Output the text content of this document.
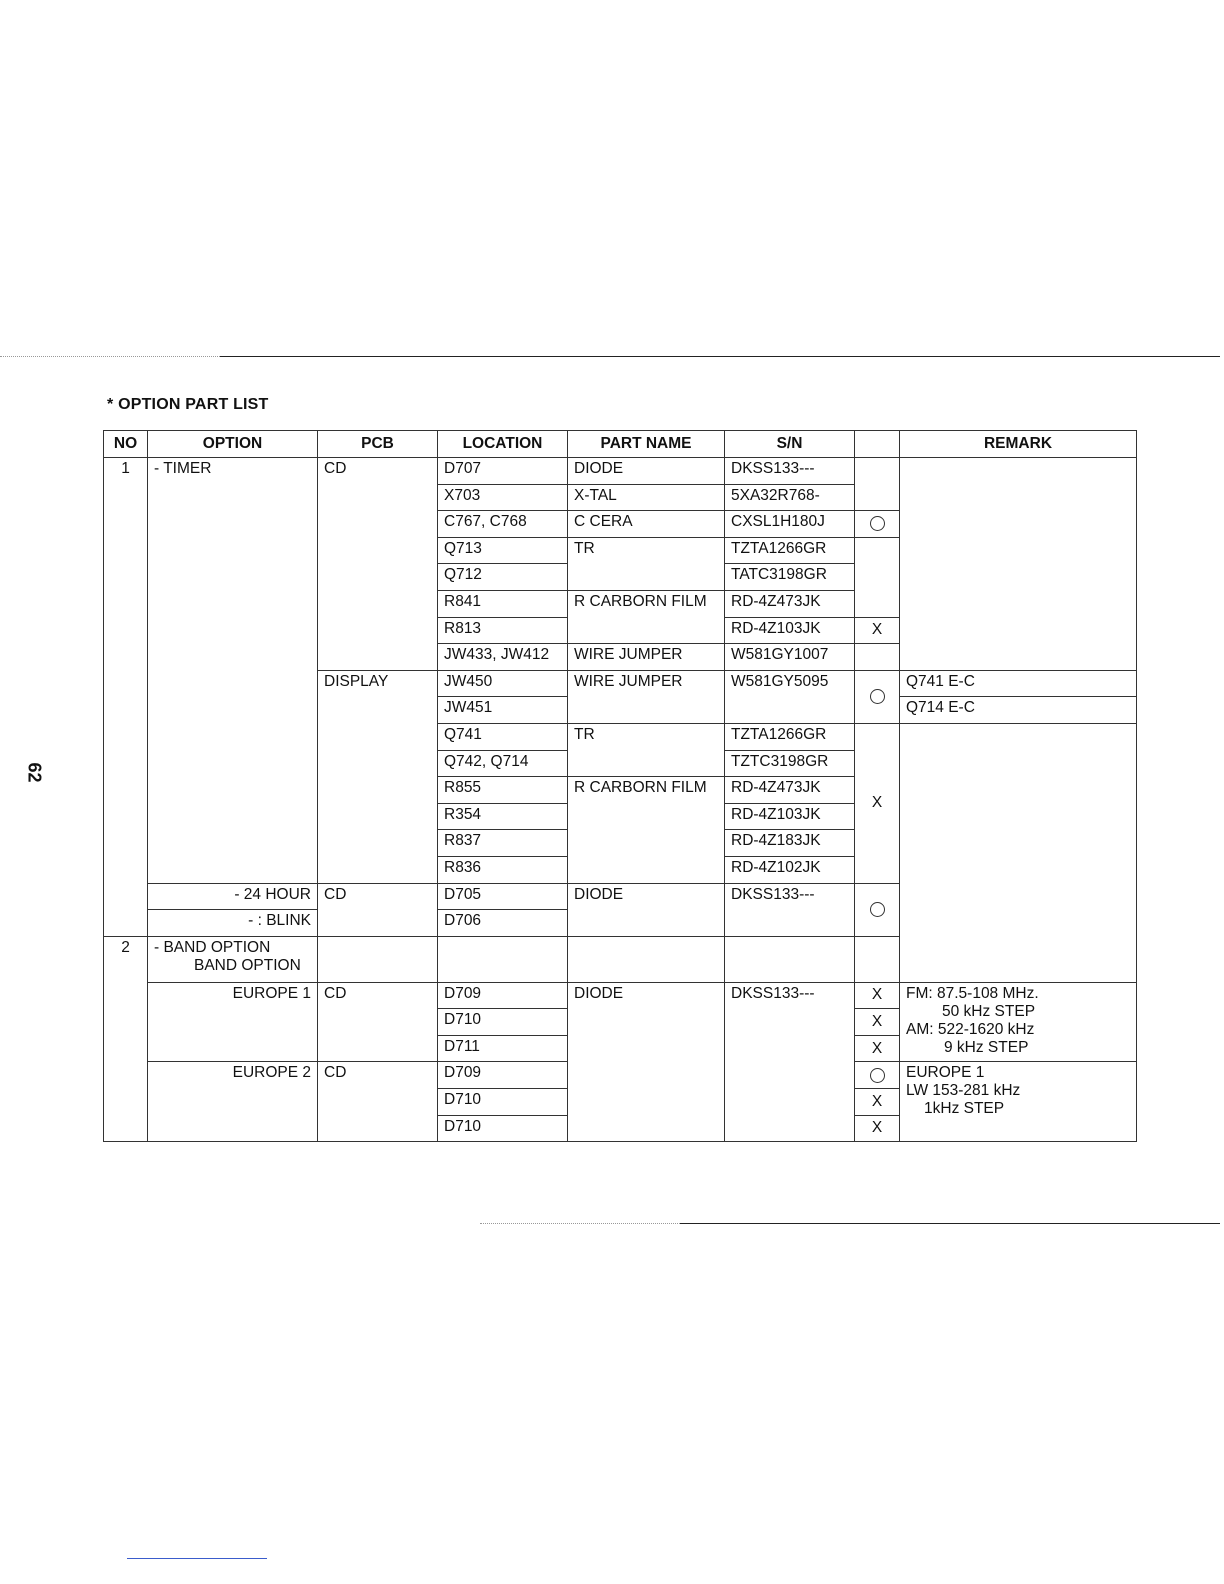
62
* OPTION PART LIST
NO	OPTION	PCB	LOCATION	PART NAME	S/N		REMARK
1	- TIMER	CD	D707	DIODE	DKSS133---		
			X703	X-TAL	5XA32R768-		
			C767, C768	C CERA	CXSL1H180J		
			Q713	TR	TZTA1266GR		
			Q712		TATC3198GR		
			R841	R CARBORN FILM	RD-4Z473JK		
			R813		RD-4Z103JK	X	
			JW433, JW412	WIRE JUMPER	W581GY1007		
		DISPLAY	JW450	WIRE JUMPER	W581GY5095		Q741 E-C
			JW451				Q714 E-C
			Q741	TR	TZTA1266GR	X	
			Q742, Q714		TZTC3198GR		
			R855	R CARBORN FILM	RD-4Z473JK		
			R354		RD-4Z103JK		
			R837		RD-4Z183JK		
			R836		RD-4Z102JK		
	- 24 HOUR	CD	D705	DIODE	DKSS133---		
	- : BLINK		D706				
2	- BAND OPTION
BAND OPTION						

	EUROPE 1	CD	D709	DIODE	DKSS133---	X	FM: 87.5-108 MHz.
50 kHz STEP
AM: 522-1620 kHz
9 kHz STEP

			D710			X	
			D711			X	
	EUROPE 2	CD	D709				EUROPE 1
LW 153-281 kHz
1kHz STEP

			D710			X	
			D710			X	
